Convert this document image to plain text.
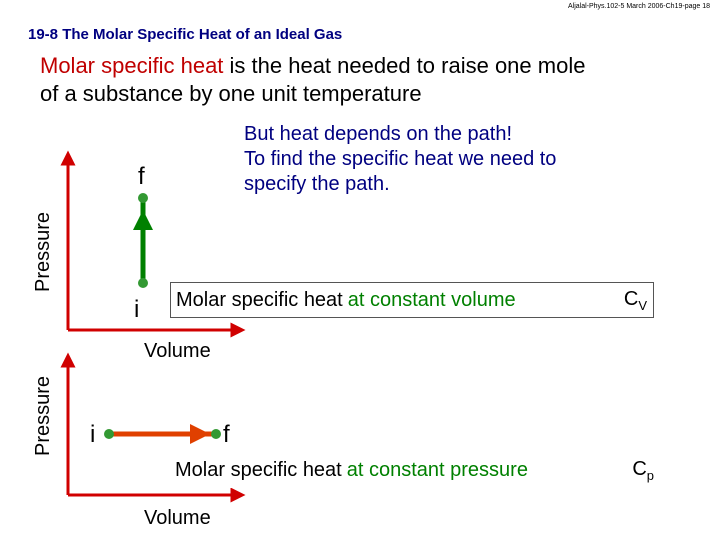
Aljalal-Phys.102-5 March 2006-Ch19-page 18
19-8 The Molar Specific Heat of an Ideal Gas
Molar specific heat is the heat needed to raise one mole
of a substance by one unit temperature
But heat depends on the path!
To find the specific heat we need to
specify the path.
Pressure
Volume
f
i Molar specific heat at constant volume	$C_V$
Pressure
Volume
i	f
Molar specific heat at constant pressure	$C_p$
